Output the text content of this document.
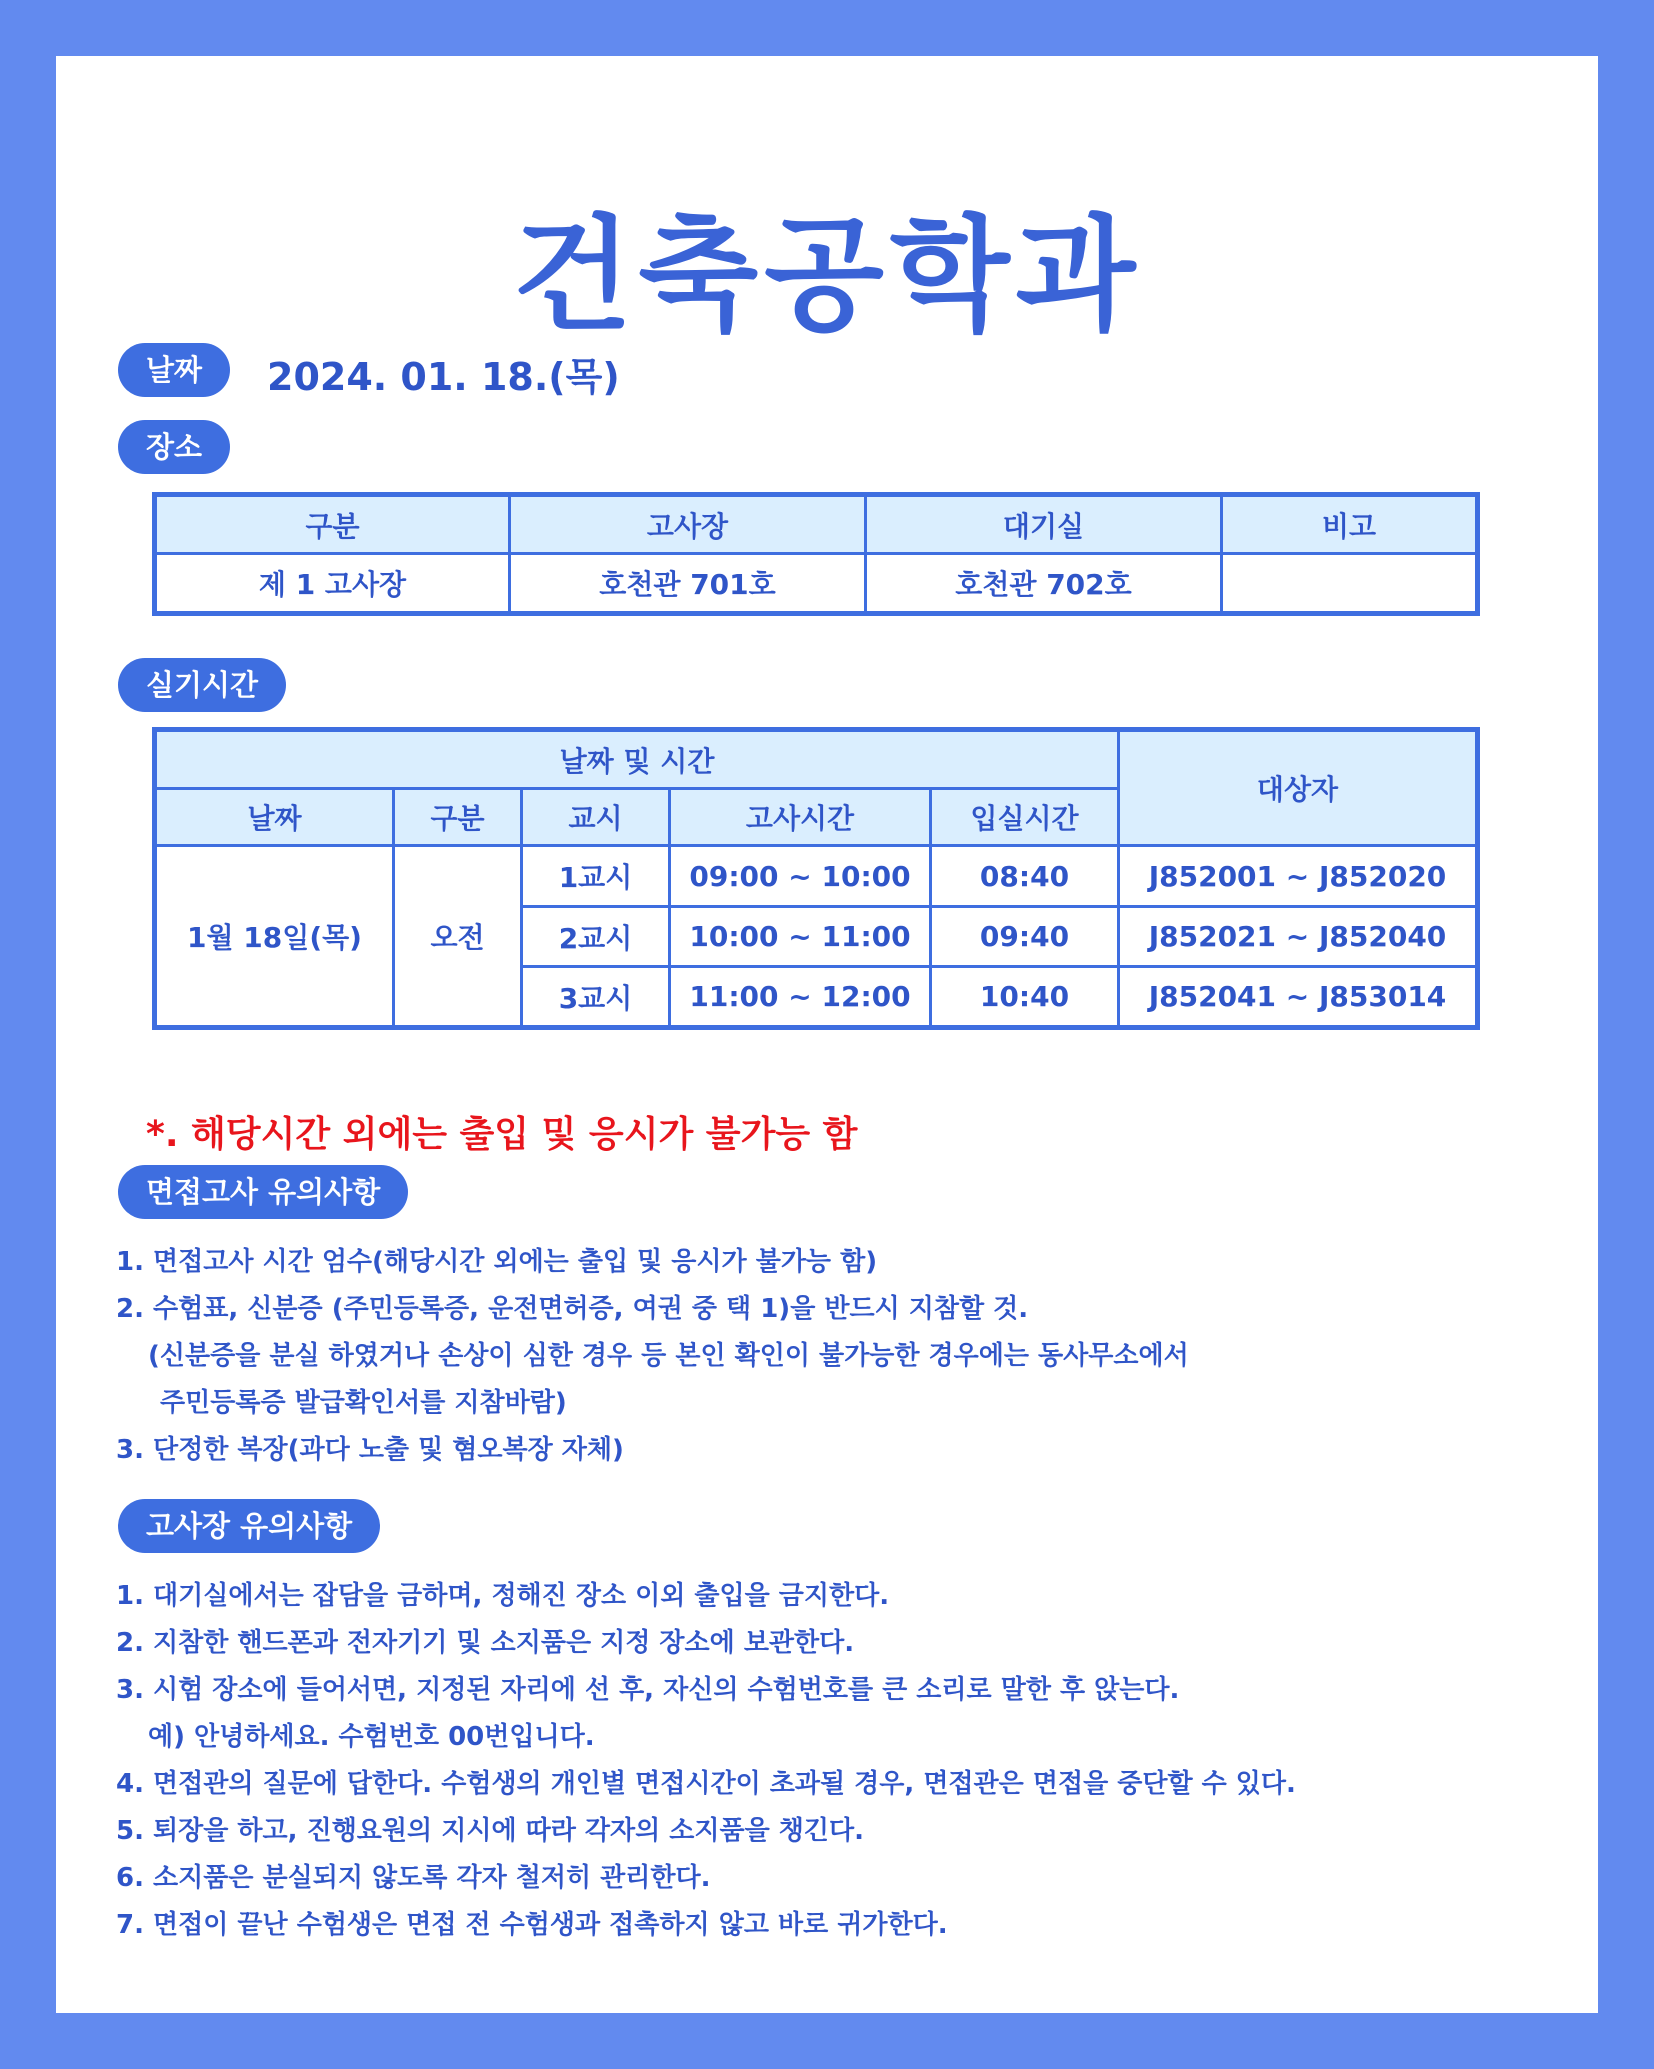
건축공학과
날짜	2024. 01. 18.(목)
장소
구분	고사장	대기실	비고
제 1 고사장	호천관 701호	호천관 702호	
실기시간
날짜 및 시간					대상자
날짜	구분	교시	고사시간	입실시간	
1월 18일(목)	오전	1교시	09:00 ~ 10:00	08:40	J852001 ~ J852020
		2교시	10:00 ~ 11:00	09:40	J852021 ~ J852040
		3교시	11:00 ~ 12:00	10:40	J852041 ~ J853014
*. 해당시간 외에는 출입 및 응시가 불가능 함
면접고사 유의사항
1. 면접고사 시간 엄수(해당시간 외에는 출입 및 응시가 불가능 함)
2. 수험표, 신분증 (주민등록증, 운전면허증, 여권 중 택 1)을 반드시 지참할 것.
(신분증을 분실 하였거나 손상이 심한 경우 등 본인 확인이 불가능한 경우에는 동사무소에서
주민등록증 발급확인서를 지참바람)
3. 단정한 복장(과다 노출 및 혐오복장 자체)
고사장 유의사항
1. 대기실에서는 잡담을 금하며, 정해진 장소 이외 출입을 금지한다.
2. 지참한 핸드폰과 전자기기 및 소지품은 지정 장소에 보관한다.
3. 시험 장소에 들어서면, 지정된 자리에 선 후, 자신의 수험번호를 큰 소리로 말한 후 앉는다.
예) 안녕하세요. 수험번호 00번입니다.
4. 면접관의 질문에 답한다. 수험생의 개인별 면접시간이 초과될 경우, 면접관은 면접을 중단할 수 있다.
5. 퇴장을 하고, 진행요원의 지시에 따라 각자의 소지품을 챙긴다.
6. 소지품은 분실되지 않도록 각자 철저히 관리한다.
7. 면접이 끝난 수험생은 면접 전 수험생과 접촉하지 않고 바로 귀가한다.
